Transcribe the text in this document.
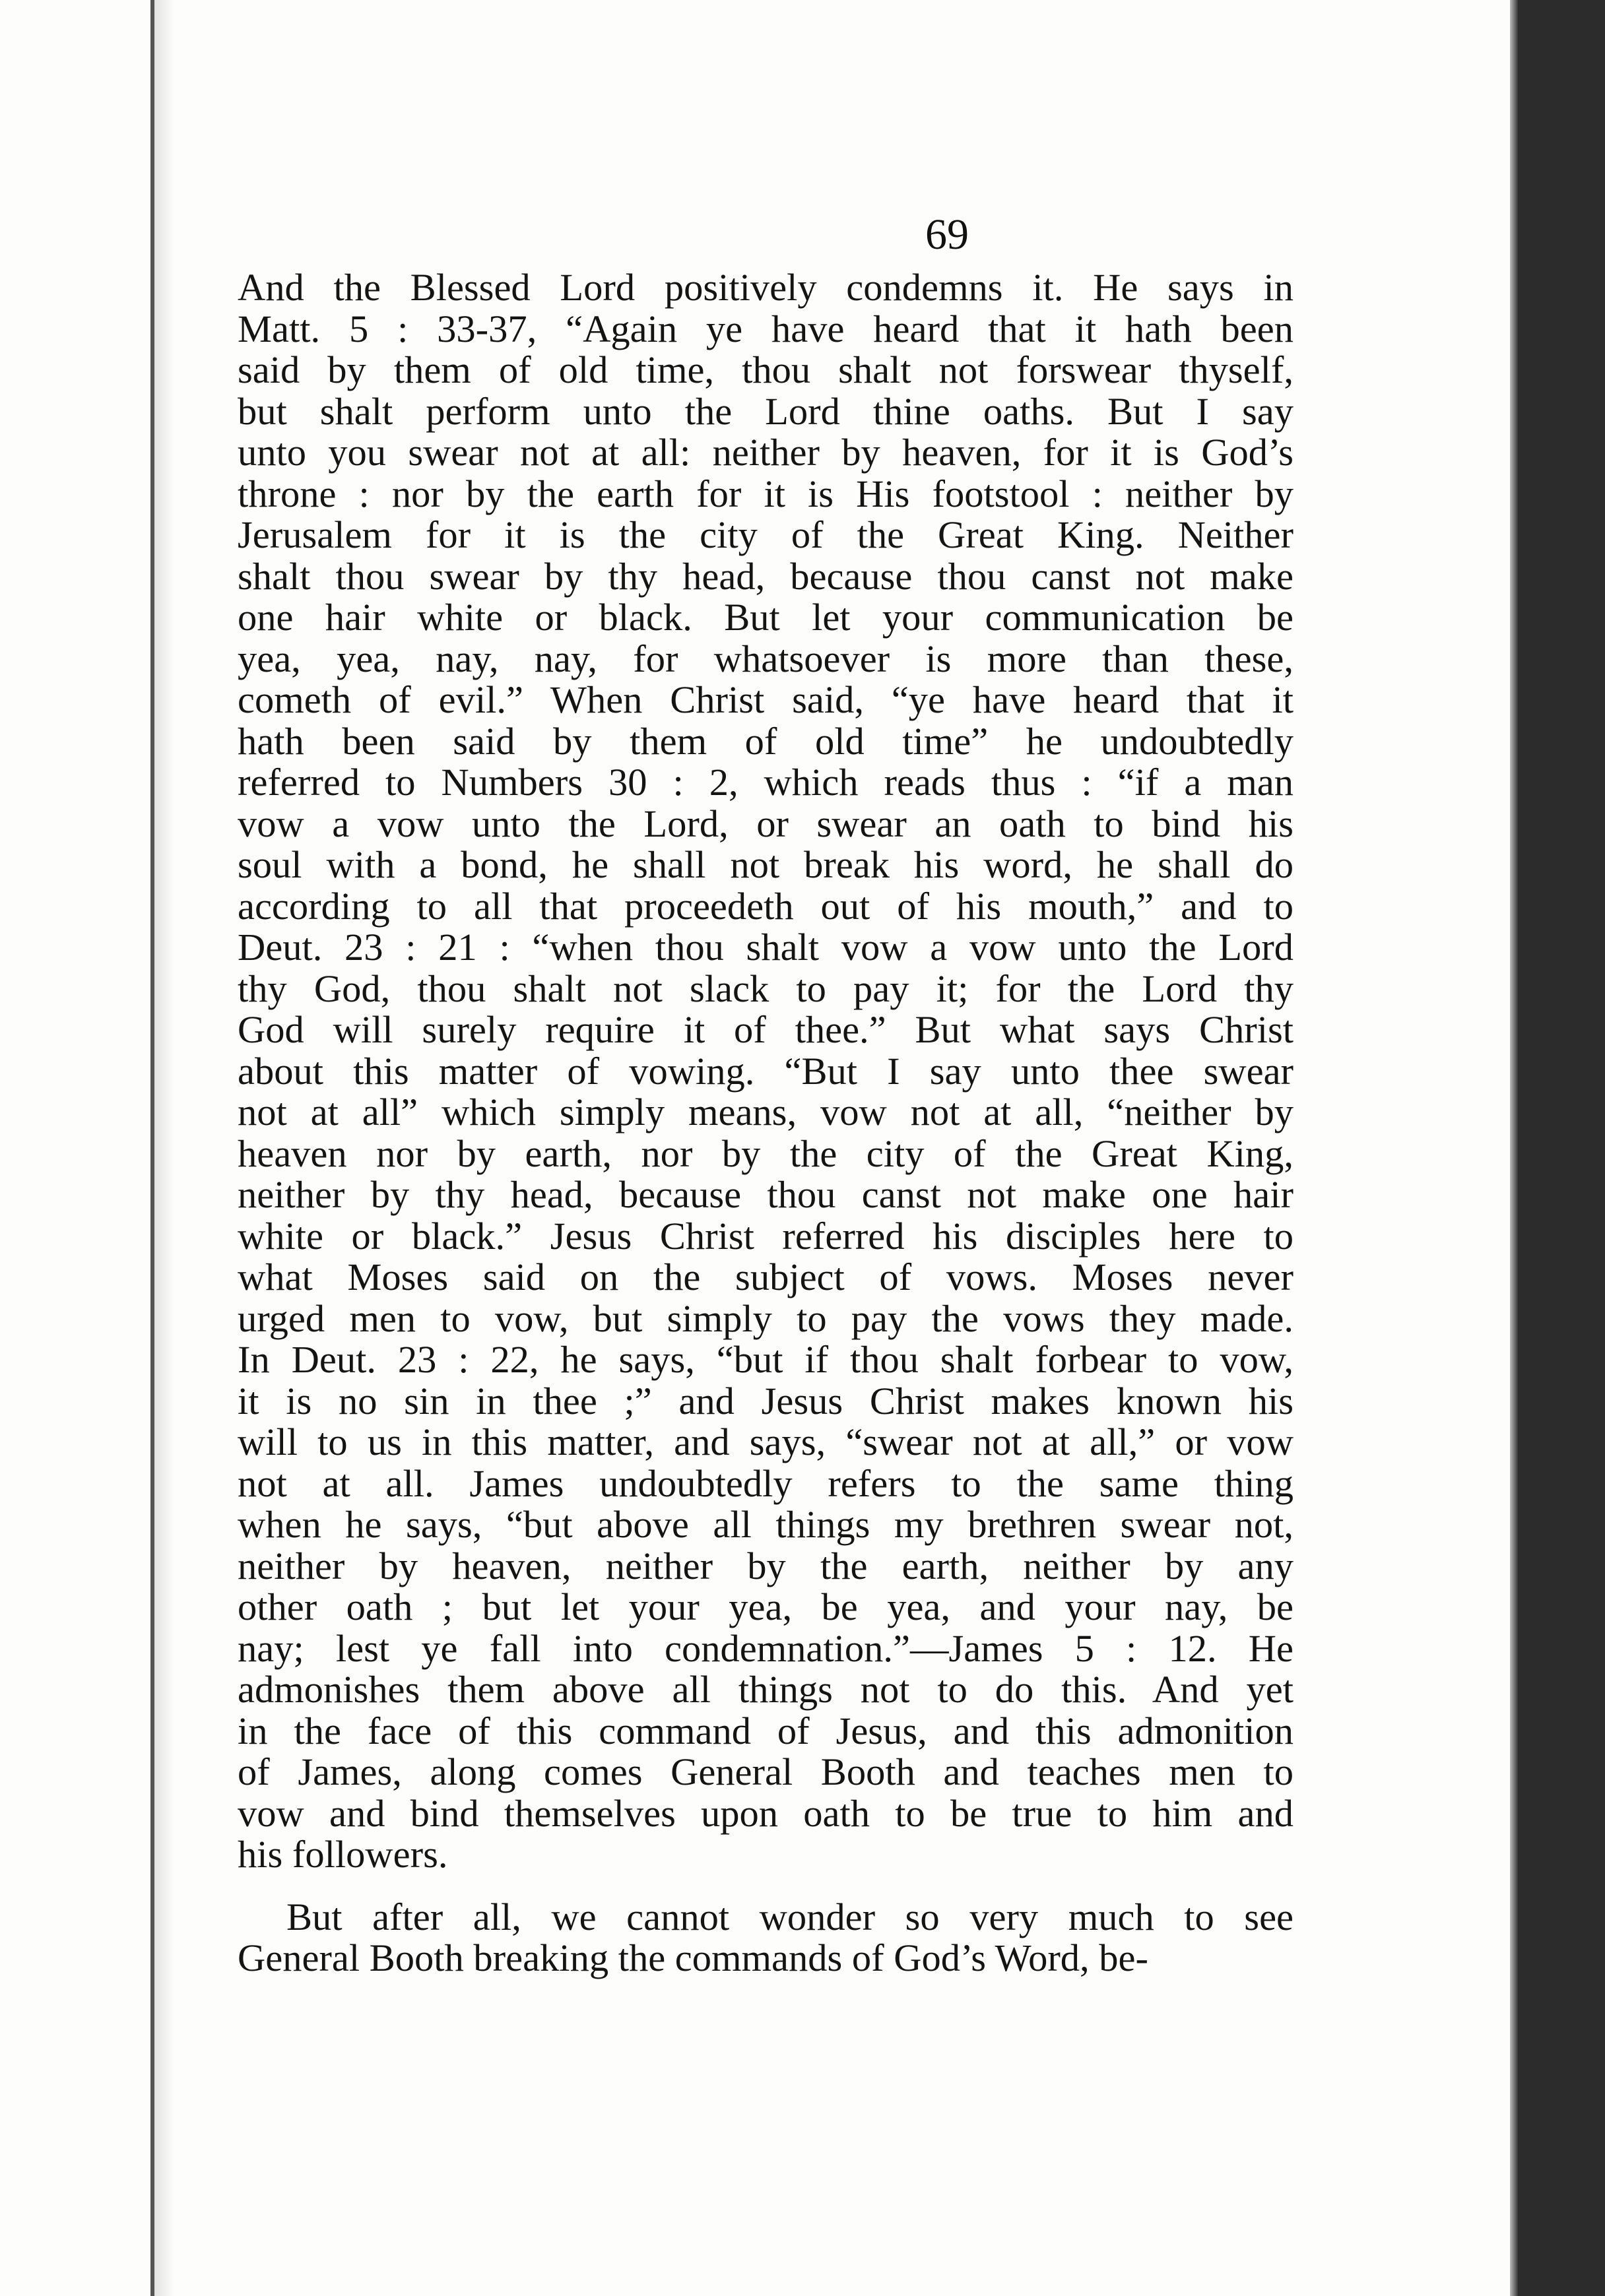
69
And the Blessed Lord positively condemns it. He says in
Matt. 5 : 33-37, “Again ye have heard that it hath been
said by them of old time, thou shalt not forswear thyself,
but shalt perform unto the Lord thine oaths. But I say
unto you swear not at all: neither by heaven, for it is God’s
throne : nor by the earth for it is His footstool : neither by
Jerusalem for it is the city of the Great King. Neither
shalt thou swear by thy head, because thou canst not make
one hair white or black. But let your communication be
yea, yea, nay, nay, for whatsoever is more than these,
cometh of evil.” When Christ said, “ye have heard that it
hath been said by them of old time” he undoubtedly
referred to Numbers 30 : 2, which reads thus : “if a man
vow a vow unto the Lord, or swear an oath to bind his
soul with a bond, he shall not break his word, he shall do
according to all that proceedeth out of his mouth,” and to
Deut. 23 : 21 : “when thou shalt vow a vow unto the Lord
thy God, thou shalt not slack to pay it; for the Lord thy
God will surely require it of thee.” But what says Christ
about this matter of vowing. “But I say unto thee swear
not at all” which simply means, vow not at all, “neither by
heaven nor by earth, nor by the city of the Great King,
neither by thy head, because thou canst not make one hair
white or black.” Jesus Christ referred his disciples here to
what Moses said on the subject of vows. Moses never
urged men to vow, but simply to pay the vows they made.
In Deut. 23 : 22, he says, “but if thou shalt forbear to vow,
it is no sin in thee ;” and Jesus Christ makes known his
will to us in this matter, and says, “swear not at all,” or vow
not at all. James undoubtedly refers to the same thing
when he says, “but above all things my brethren swear not,
neither by heaven, neither by the earth, neither by any
other oath ; but let your yea, be yea, and your nay, be
nay; lest ye fall into condemnation.”—James 5 : 12. He
admonishes them above all things not to do this. And yet
in the face of this command of Jesus, and this admonition
of James, along comes General Booth and teaches men to
vow and bind themselves upon oath to be true to him and
his followers.
But after all, we cannot wonder so very much to see
General Booth breaking the commands of God’s Word, be-
